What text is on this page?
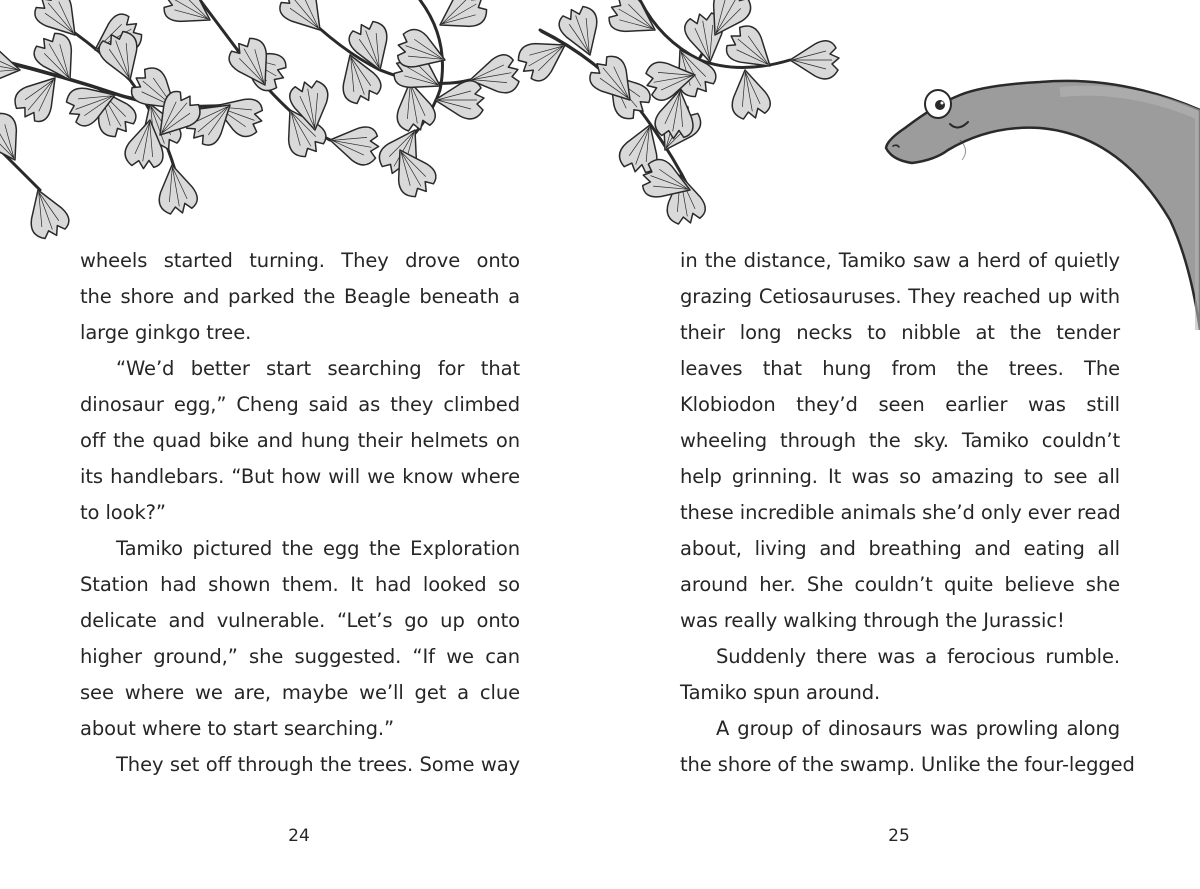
wheels started turning. They drove onto
the shore and parked the Beagle beneath a
large ginkgo tree.
“We’d better start searching for that
dinosaur egg,” Cheng said as they climbed
off the quad bike and hung their helmets on
its handlebars. “But how will we know where
to look?”
Tamiko pictured the egg the Exploration
Station had shown them. It had looked so
delicate and vulnerable. “Let’s go up onto
higher ground,” she suggested. “If we can
see where we are, maybe we’ll get a clue
about where to start searching.”
They set off through the trees. Some way
in the distance, Tamiko saw a herd of quietly
grazing Cetiosauruses. They reached up with
their long necks to nibble at the tender
leaves that hung from the trees. The
Klobiodon they’d seen earlier was still
wheeling through the sky. Tamiko couldn’t
help grinning. It was so amazing to see all
these incredible animals she’d only ever read
about, living and breathing and eating all
around her. She couldn’t quite believe she
was really walking through the Jurassic!
Suddenly there was a ferocious rumble.
Tamiko spun around.
A group of dinosaurs was prowling along
the shore of the swamp. Unlike the four-legged
24	25
